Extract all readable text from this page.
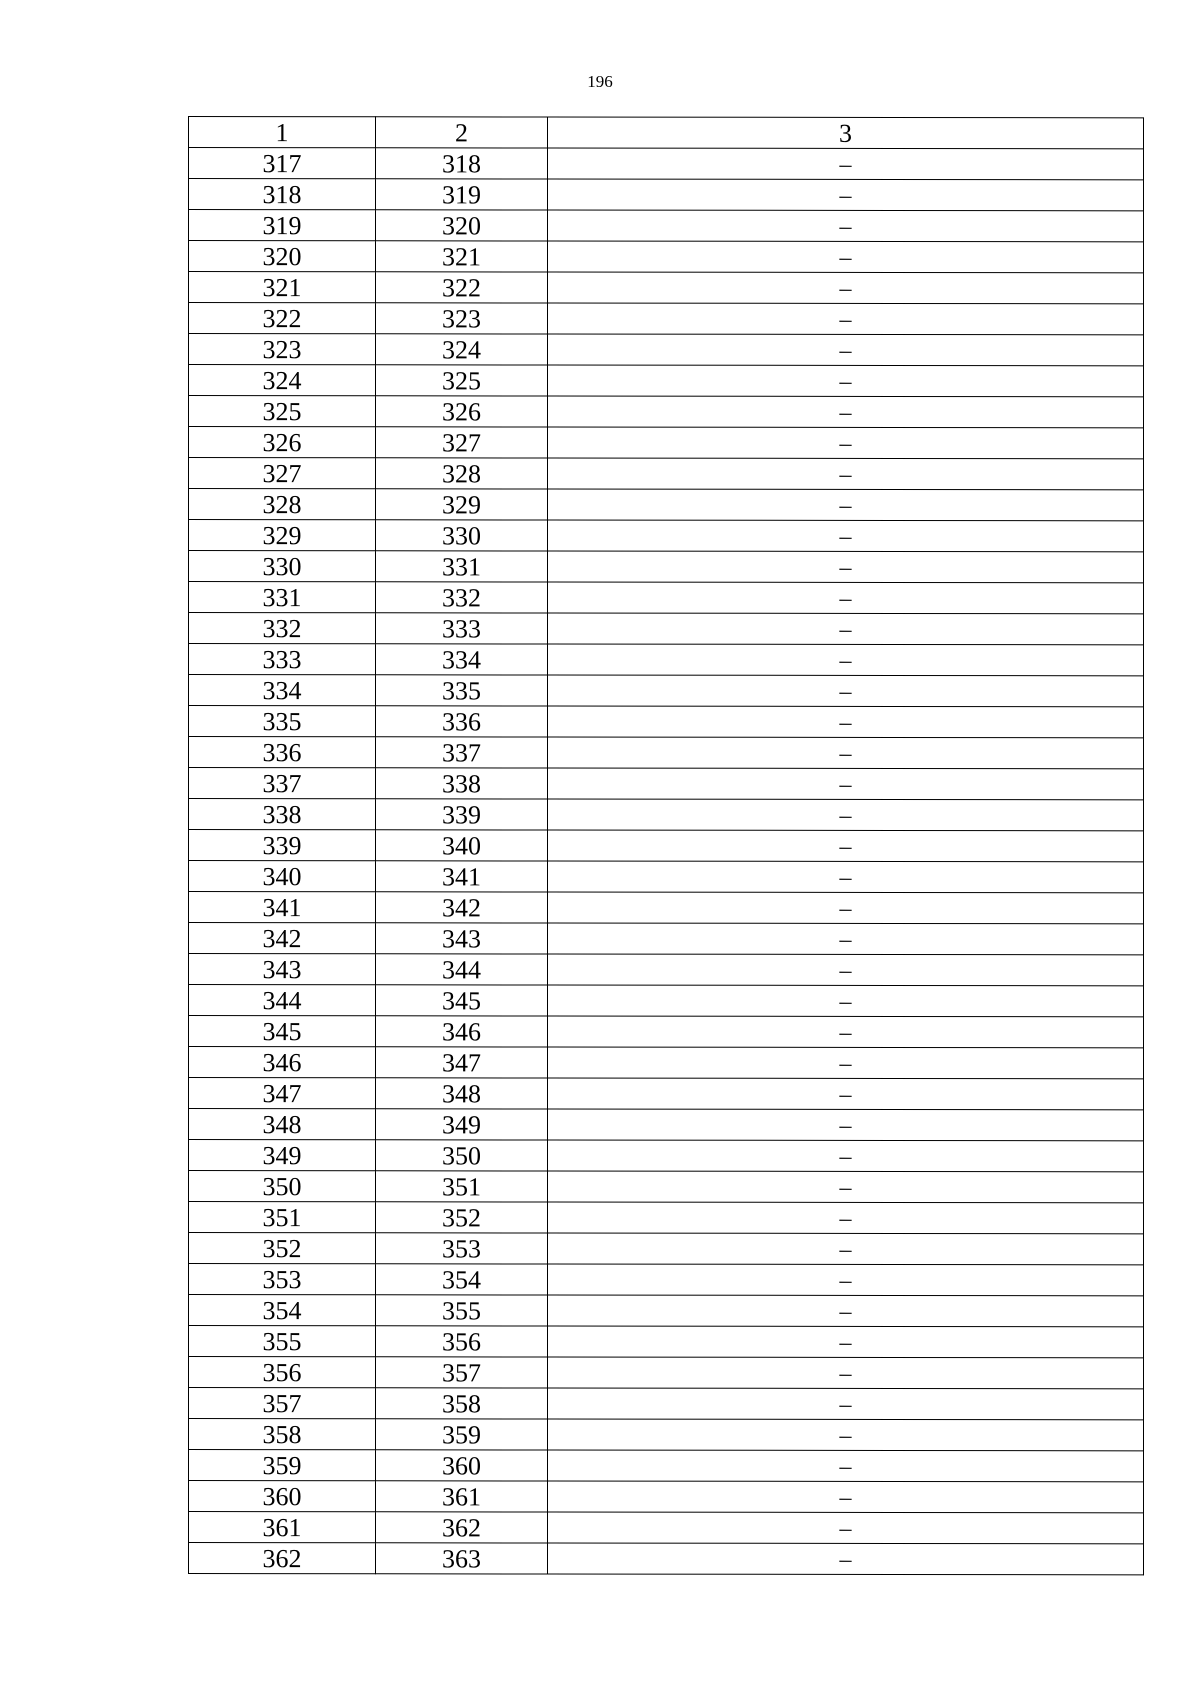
196
1	2	3
317	318	–
318	319	–
319	320	–
320	321	–
321	322	–
322	323	–
323	324	–
324	325	–
325	326	–
326	327	–
327	328	–
328	329	–
329	330	–
330	331	–
331	332	–
332	333	–
333	334	–
334	335	–
335	336	–
336	337	–
337	338	–
338	339	–
339	340	–
340	341	–
341	342	–
342	343	–
343	344	–
344	345	–
345	346	–
346	347	–
347	348	–
348	349	–
349	350	–
350	351	–
351	352	–
352	353	–
353	354	–
354	355	–
355	356	–
356	357	–
357	358	–
358	359	–
359	360	–
360	361	–
361	362	–
362	363	–
